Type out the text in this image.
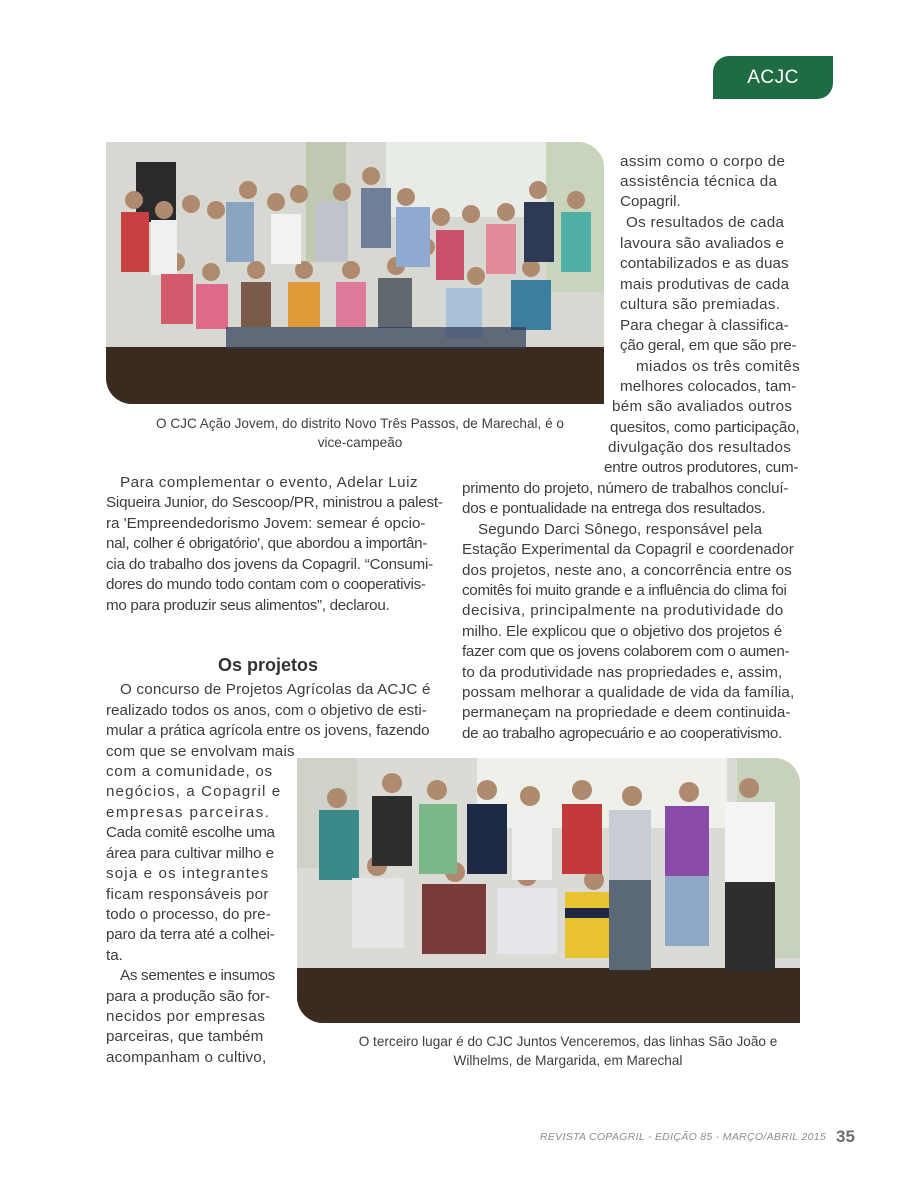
ACJC
O CJC Ação Jovem, do distrito Novo Três Passos, de Marechal, é o vice-campeão
O terceiro lugar é do CJC Juntos Venceremos, das linhas São João e Wilhelms, de Margarida, em Marechal
Os projetos
assim como o corpo de
assistência técnica da
Copagril.
Os resultados de cada
lavoura são avaliados e
contabilizados e as duas
mais produtivas de cada
cultura são premiadas.
Para chegar à classifica-
ção geral, em que são pre-
miados os três comitês
melhores colocados, tam-
bém são avaliados outros
quesitos, como participação,
divulgação dos resultados
entre outros produtores, cum-
primento do projeto, número de trabalhos concluí-
dos e pontualidade na entrega dos resultados.
Segundo Darci Sônego, responsável pela
Estação Experimental da Copagril e coordenador
dos projetos, neste ano, a concorrência entre os
comitês foi muito grande e a influência do clima foi
decisiva, principalmente na produtividade do
milho. Ele explicou que o objetivo dos projetos é
fazer com que os jovens colaborem com o aumen-
to da produtividade nas propriedades e, assim,
possam melhorar a qualidade de vida da família,
permaneçam na propriedade e deem continuida-
de ao trabalho agropecuário e ao cooperativismo.
Para complementar o evento, Adelar Luiz
Siqueira Junior, do Sescoop/PR, ministrou a palest-
ra 'Empreendedorismo Jovem: semear é opcio-
nal, colher é obrigatório', que abordou a importân-
cia do trabalho dos jovens da Copagril. “Consumi-
dores do mundo todo contam com o cooperativis-
mo para produzir seus alimentos”, declarou.
O concurso de Projetos Agrícolas da ACJC é
realizado todos os anos, com o objetivo de esti-
mular a prática agrícola entre os jovens, fazendo
com que se envolvam mais
com a comunidade, os
negócios, a Copagril e
empresas parceiras.
Cada comitê escolhe uma
área para cultivar milho e
soja e os integrantes
ficam responsáveis por
todo o processo, do pre-
paro da terra até a colhei-
ta.
As sementes e insumos
para a produção são for-
necidos por empresas
parceiras, que também
acompanham o cultivo,
REVISTA COPAGRIL - EDIÇÃO 85 - MARÇO/ABRIL 2015 35
